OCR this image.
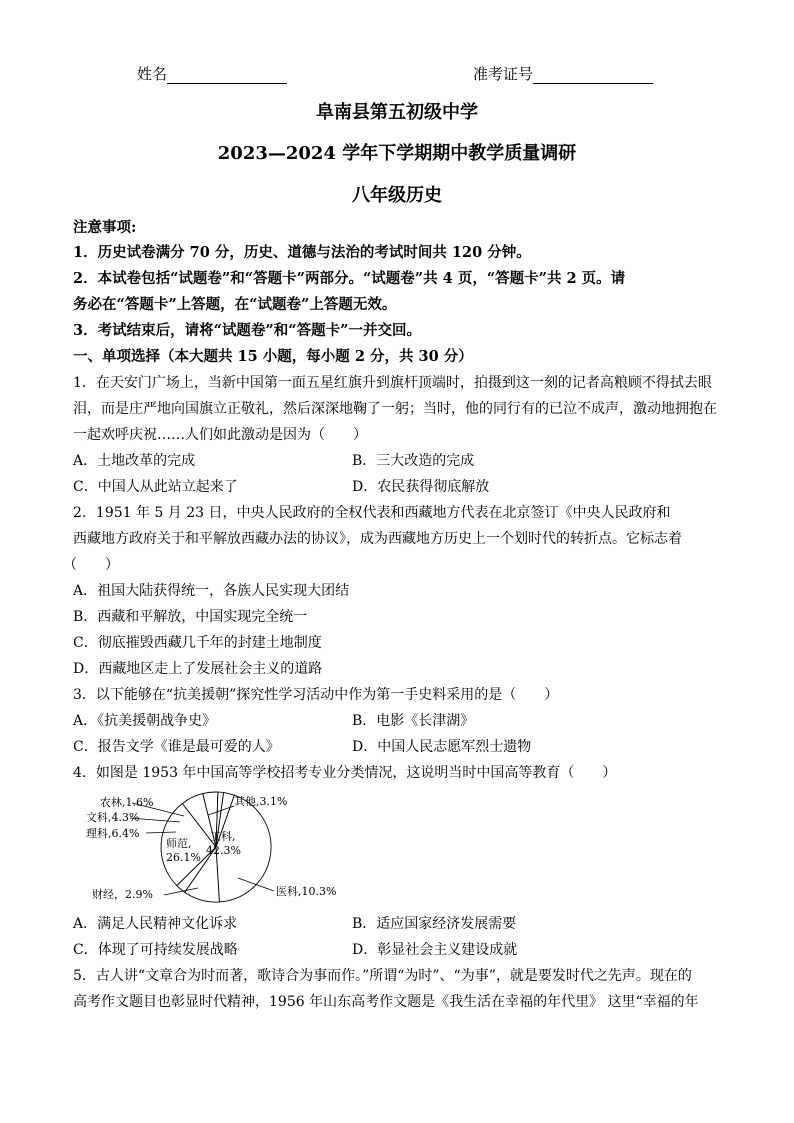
姓名	准考证号
阜南县第五初级中学
2023—2024 学年下学期期中教学质量调研
八年级历史
注意事项:
1．历史试卷满分 70 分，历史、道德与法治的考试时间共 120 分钟。
2．本试卷包括“试题卷”和“答题卡”两部分。“试题卷”共 4 页，“答题卡”共 2 页。请
务必在“答题卡”上答题，在“试题卷”上答题无效。
3．考试结束后，请将“试题卷”和“答题卡”一并交回。
一、单项选择（本大题共 15 小题，每小题 2 分，共 30 分）
1．在天安门广场上，当新中国第一面五星红旗升到旗杆顶端时，拍摄到这一刻的记者高粮顾不得拭去眼
泪，而是庄严地向国旗立正敬礼，然后深深地鞠了一躬；当时，他的同行有的已泣不成声，激动地拥抱在
一起欢呼庆祝……人们如此激动是因为（　　）
A．土地改革的完成	B．三大改造的完成
C．中国人从此站立起来了	D．农民获得彻底解放
2．1951 年 5 月 23 日，中央人民政府的全权代表和西藏地方代表在北京签订《中央人民政府和
西藏地方政府关于和平解放西藏办法的协议》，成为西藏地方历史上一个划时代的转折点。它标志着
（　　）
A．祖国大陆获得统一，各族人民实现大团结
B．西藏和平解放，中国实现完全统一
C．彻底摧毁西藏几千年的封建土地制度
D．西藏地区走上了发展社会主义的道路
3．以下能够在“抗美援朝”探究性学习活动中作为第一手史料采用的是（　　）
A．《抗美援朝战争史》	B．电影《长津湖》
C．报告文学《谁是最可爱的人》	D．中国人民志愿军烈士遗物
4．如图是 1953 年中国高等学校招考专业分类情况，这说明当时中国高等教育（　　）
农林,1.6%
文科,4.3%
理科,6.4%
其他,3.1%
财经，2.9%	医科,10.3%
工科,
42.3%
师范,
26.1%
A．满足人民精神文化诉求	B．适应国家经济发展需要
C．体现了可持续发展战略	D．彰显社会主义建设成就
5．古人讲“文章合为时而著，歌诗合为事而作。”所谓“为时”、“为事”，就是要发时代之先声。现在的
高考作文题目也彰显时代精神，1956 年山东高考作文题是《我生活在幸福的年代里》 这里“幸福的年
